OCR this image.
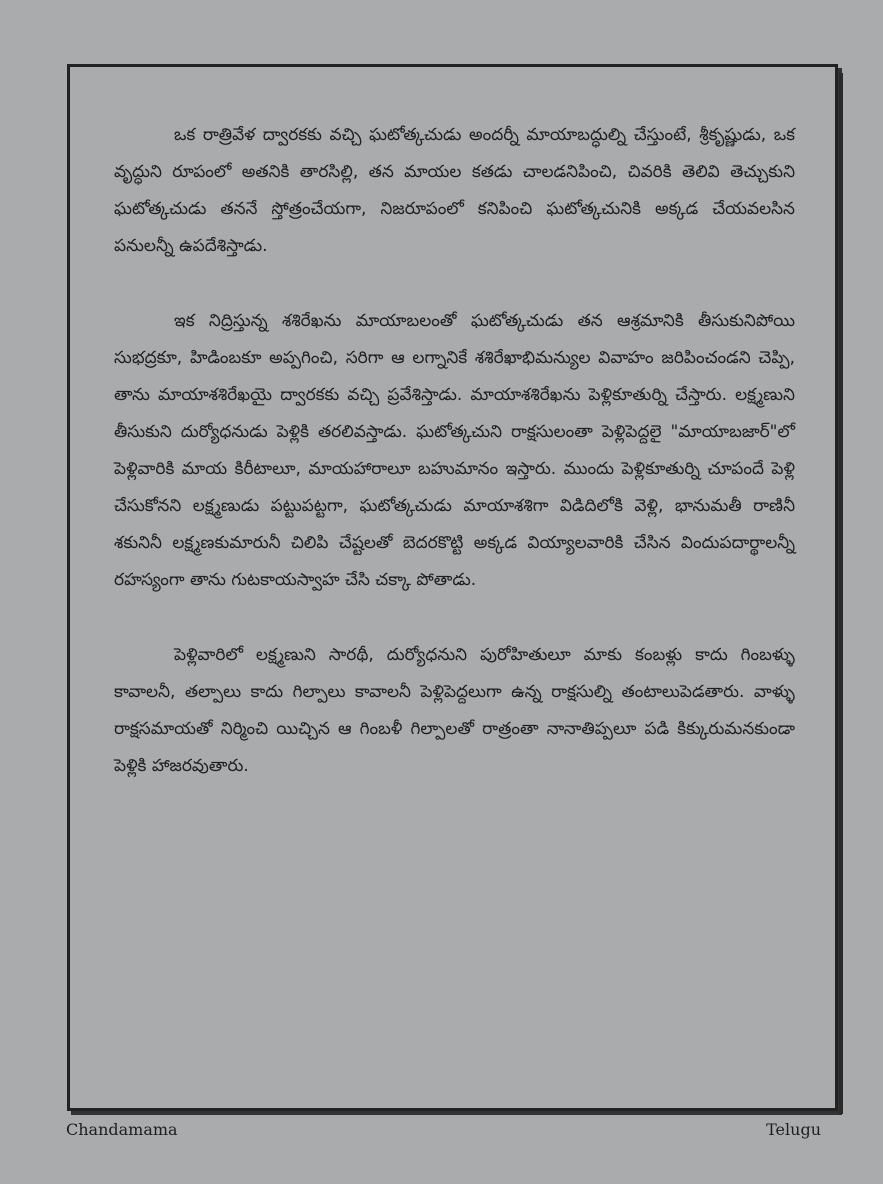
ఒక రాత్రివేళ ద్వారకకు వచ్చి ఘటోత్కచుడు అందర్నీ మాయాబద్ధుల్ని చేస్తుంటే, శ్రీకృష్ణుడు, ఒక వృద్ధుని రూపంలో అతనికి తారసిల్లి, తన మాయల కతడు చాలడనిపించి, చివరికి తెలివి తెచ్చుకుని ఘటోత్కచుడు తననే స్తోత్రంచేయగా, నిజరూపంలో కనిపించి ఘటోత్కచునికి అక్కడ చేయవలసిన పనులన్నీ ఉపదేశిస్తాడు.

ఇక నిద్రిస్తున్న శశిరేఖను మాయాబలంతో ఘటోత్కచుడు తన ఆశ్రమానికి తీసుకునిపోయి సుభద్రకూ, హిడింబకూ అప్పగించి, సరిగా ఆ లగ్నానికే శశిరేఖాభిమన్యుల వివాహం జరిపించండని చెప్పి, తాను మాయాశశిరేఖయై ద్వారకకు వచ్చి ప్రవేశిస్తాడు. మాయాశశిరేఖను పెళ్లికూతుర్ని చేస్తారు. లక్ష్మణుని తీసుకుని దుర్యోధనుడు పెళ్లికి తరలివస్తాడు. ఘటోత్కచుని రాక్షసులంతా పెళ్లిపెద్దలై "మాయాబజార్"లో పెళ్లివారికి మాయ కిరీటాలూ, మాయహారాలూ బహుమానం ఇస్తారు. ముందు పెళ్లికూతుర్ని చూపందే పెళ్లి చేసుకోనని లక్ష్మణుడు పట్టుపట్టగా, ఘటోత్కచుడు మాయాశశిగా విడిదిలోకి వెళ్లి, భానుమతీ రాణినీ శకునినీ లక్ష్మణకుమారునీ చిలిపి చేష్టలతో బెదరకొట్టి అక్కడ వియ్యాలవారికి చేసిన విందుపదార్థాలన్నీ రహస్యంగా తాను గుటకాయస్వాహ చేసి చక్కా పోతాడు.

పెళ్లివారిలో లక్ష్మణుని సారథీ, దుర్యోధనుని పురోహితులూ మాకు కంబళ్లు కాదు గింబళ్ళు కావాలనీ, తల్పాలు కాదు గిల్పాలు కావాలనీ పెళ్లిపెద్దలుగా ఉన్న రాక్షసుల్ని తంటాలుపెడతారు. వాళ్ళు రాక్షసమాయతో నిర్మించి యిచ్చిన ఆ గింబళీ గిల్పాలతో రాత్రంతా నానాతిప్పలూ పడి కిక్కురుమనకుండా పెళ్లికి హాజరవుతారు.

Chandamama	Telugu
